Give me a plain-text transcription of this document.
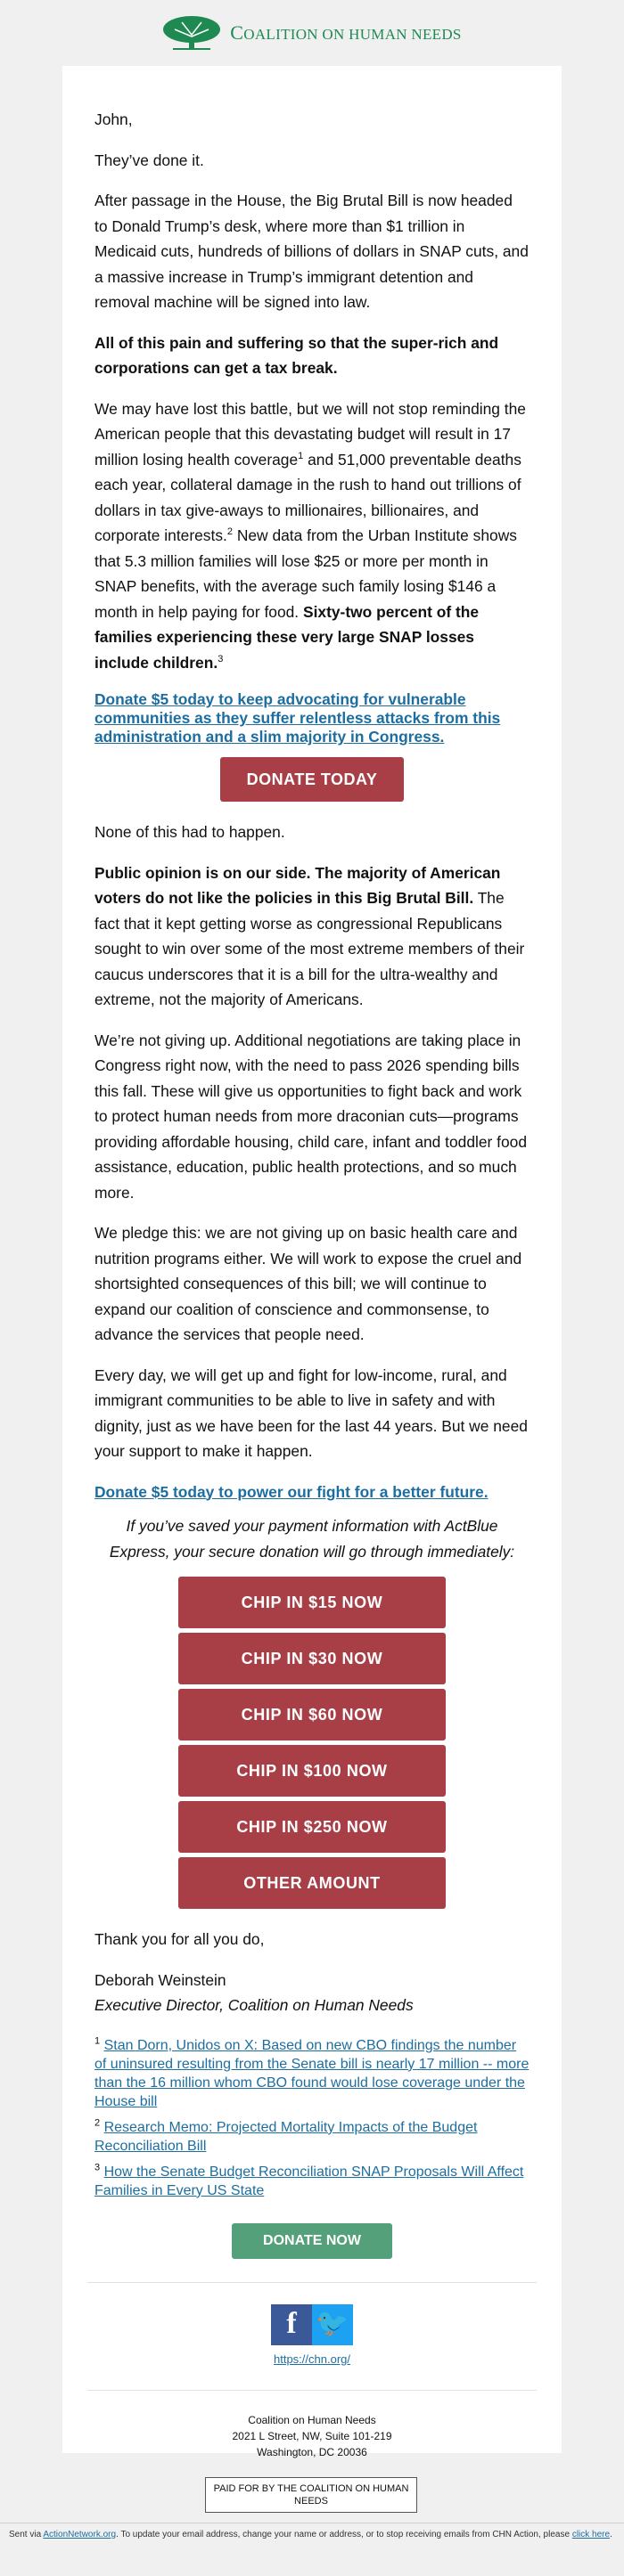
COALITION ON HUMAN NEEDS

John,

They’ve done it.

After passage in the House, the Big Brutal Bill is now headed to Donald Trump’s desk, where more than $1 trillion in Medicaid cuts, hundreds of billions of dollars in SNAP cuts, and a massive increase in Trump’s immigrant detention and removal machine will be signed into law.

All of this pain and suffering so that the super-rich and corporations can get a tax break.

We may have lost this battle, but we will not stop reminding the American people that this devastating budget will result in 17 million losing health coverage$^1$ and 51,000 preventable deaths each year, collateral damage in the rush to hand out trillions of dollars in tax give-aways to millionaires, billionaires, and corporate interests.$^2$ New data from the Urban Institute shows that 5.3 million families will lose $25 or more per month in SNAP benefits, with the average such family losing $146 a month in help paying for food. Sixty-two percent of the families experiencing these very large SNAP losses include children.$^3$

Donate $5 today to keep advocating for vulnerable communities as they suffer relentless attacks from this administration and a slim majority in Congress.

DONATE TODAY

None of this had to happen.

Public opinion is on our side. The majority of American voters do not like the policies in this Big Brutal Bill. The fact that it kept getting worse as congressional Republicans sought to win over some of the most extreme members of their caucus underscores that it is a bill for the ultra-wealthy and extreme, not the majority of Americans.

We’re not giving up. Additional negotiations are taking place in Congress right now, with the need to pass 2026 spending bills this fall. These will give us opportunities to fight back and work to protect human needs from more draconian cuts—programs providing affordable housing, child care, infant and toddler food assistance, education, public health protections, and so much more.

We pledge this: we are not giving up on basic health care and nutrition programs either. We will work to expose the cruel and shortsighted consequences of this bill; we will continue to expand our coalition of conscience and commonsense, to advance the services that people need.

Every day, we will get up and fight for low-income, rural, and immigrant communities to be able to live in safety and with dignity, just as we have been for the last 44 years. But we need your support to make it happen.

Donate $5 today to power our fight for a better future.

If you’ve saved your payment information with ActBlue Express, your secure donation will go through immediately:

CHIP IN $15 NOW
CHIP IN $30 NOW
CHIP IN $60 NOW
CHIP IN $100 NOW
CHIP IN $250 NOW
OTHER AMOUNT

Thank you for all you do,

Deborah Weinstein
Executive Director, Coalition on Human Needs

$^1$ Stan Dorn, Unidos on X: Based on new CBO findings the number of uninsured resulting from the Senate bill is nearly 17 million -- more than the 16 million whom CBO found would lose coverage under the House bill
$^2$ Research Memo: Projected Mortality Impacts of the Budget Reconciliation Bill
$^3$ How the Senate Budget Reconciliation SNAP Proposals Will Affect Families in Every US State
DONATE NOW
f 🐦
https://chn.org/
Coalition on Human Needs
2021 L Street, NW, Suite 101-219
Washington, DC 20036
PAID FOR BY THE COALITION ON HUMAN NEEDS
Sent via ActionNetwork.org. To update your email address, change your name or address, or to stop receiving emails from CHN Action, please click here.
